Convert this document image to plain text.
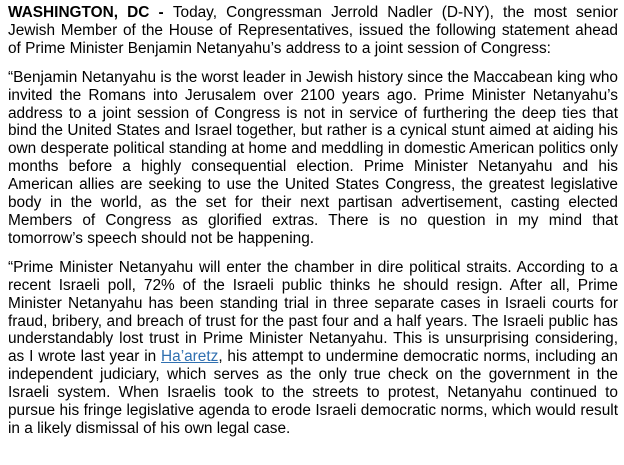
WASHINGTON, DC - Today, Congressman Jerrold Nadler (D-NY), the most senior Jewish Member of the House of Representatives, issued the following statement ahead of Prime Minister Benjamin Netanyahu’s address to a joint session of Congress:

“Benjamin Netanyahu is the worst leader in Jewish history since the Maccabean king who invited the Romans into Jerusalem over 2100 years ago. Prime Minister Netanyahu’s address to a joint session of Congress is not in service of furthering the deep ties that bind the United States and Israel together, but rather is a cynical stunt aimed at aiding his own desperate political standing at home and meddling in domestic American politics only months before a highly consequential election. Prime Minister Netanyahu and his American allies are seeking to use the United States Congress, the greatest legislative body in the world, as the set for their next partisan advertisement, casting elected Members of Congress as glorified extras. There is no question in my mind that tomorrow’s speech should not be happening.

“Prime Minister Netanyahu will enter the chamber in dire political straits. According to a recent Israeli poll, 72% of the Israeli public thinks he should resign. After all, Prime Minister Netanyahu has been standing trial in three separate cases in Israeli courts for fraud, bribery, and breach of trust for the past four and a half years. The Israeli public has understandably lost trust in Prime Minister Netanyahu. This is unsurprising considering, as I wrote last year in Ha’aretz, his attempt to undermine democratic norms, including an independent judiciary, which serves as the only true check on the government in the Israeli system. When Israelis took to the streets to protest, Netanyahu continued to pursue his fringe legislative agenda to erode Israeli democratic norms, which would result in a likely dismissal of his own legal case.
